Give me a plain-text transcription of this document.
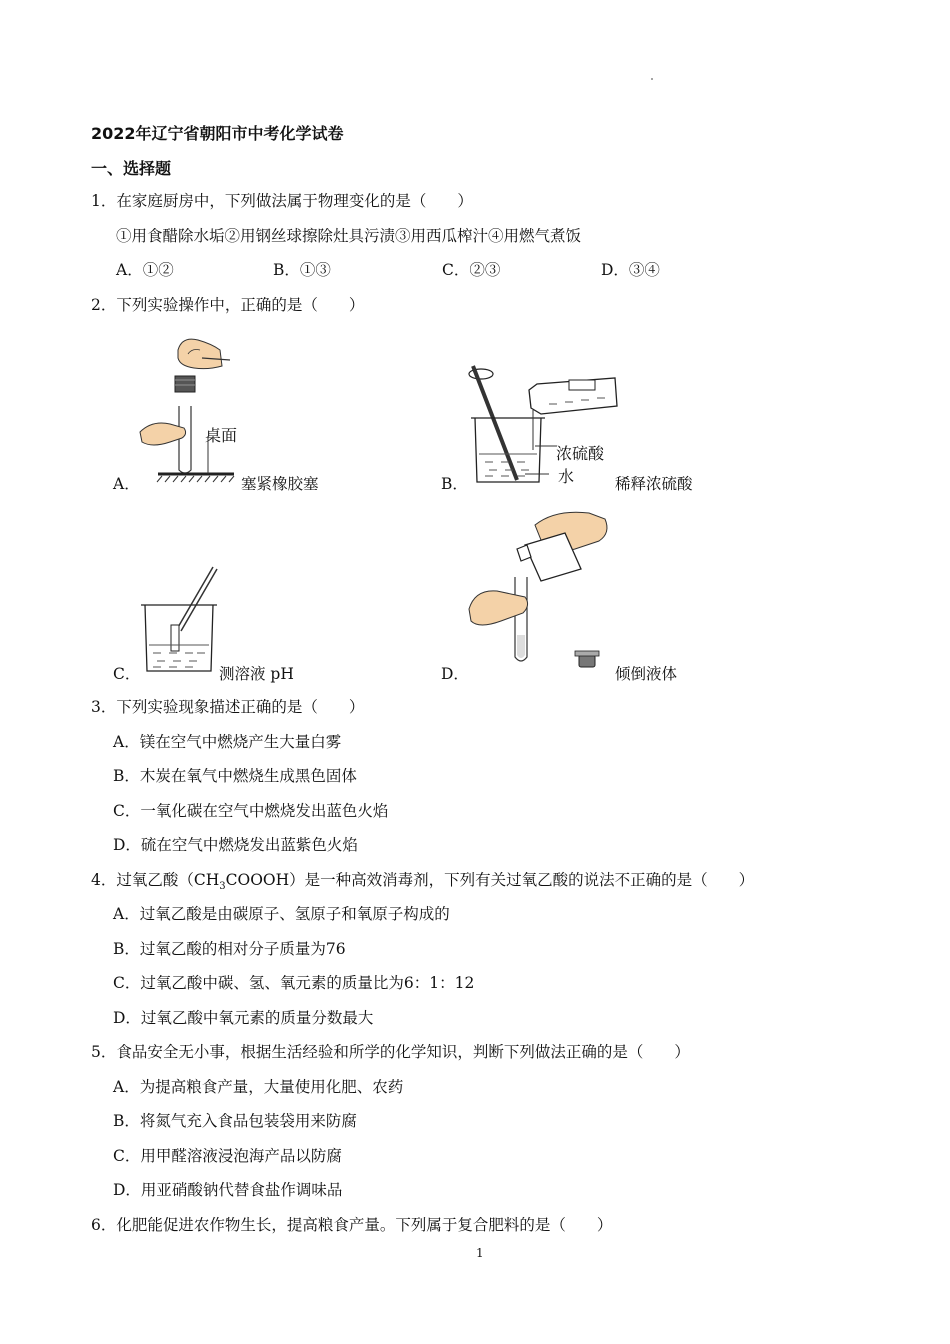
2022年辽宁省朝阳市中考化学试卷
一、选择题
1．在家庭厨房中，下列做法属于物理变化的是（　　）
①用食醋除水垢②用钢丝球擦除灶具污渍③用西瓜榨汁④用燃气煮饭
A．①②	B．①③	C．②③	D．③④
2．下列实验操作中，正确的是（　　）
桌面
A．	塞紧橡胶塞
浓硫酸
水
B．	稀释浓硫酸
C．	测溶液 pH	D．	倾倒液体
3．下列实验现象描述正确的是（　　）
A．镁在空气中燃烧产生大量白雾
B．木炭在氧气中燃烧生成黑色固体
C．一氧化碳在空气中燃烧发出蓝色火焰
D．硫在空气中燃烧发出蓝紫色火焰
4．过氧乙酸$(CH_3COOOH)$是一种高效消毒剂，下列有关过氧乙酸的说法不正确的是（　　）
A．过氧乙酸是由碳原子、氢原子和氧原子构成的
B．过氧乙酸的相对分子质量为76
C．过氧乙酸中碳、氢、氧元素的质量比为6：1：12
D．过氧乙酸中氧元素的质量分数最大
5．食品安全无小事，根据生活经验和所学的化学知识，判断下列做法正确的是（　　）
A．为提高粮食产量，大量使用化肥、农药
B．将氮气充入食品包装袋用来防腐
C．用甲醛溶液浸泡海产品以防腐
D．用亚硝酸钠代替食盐作调味品
6．化肥能促进农作物生长，提高粮食产量。下列属于复合肥料的是（　　）
1
